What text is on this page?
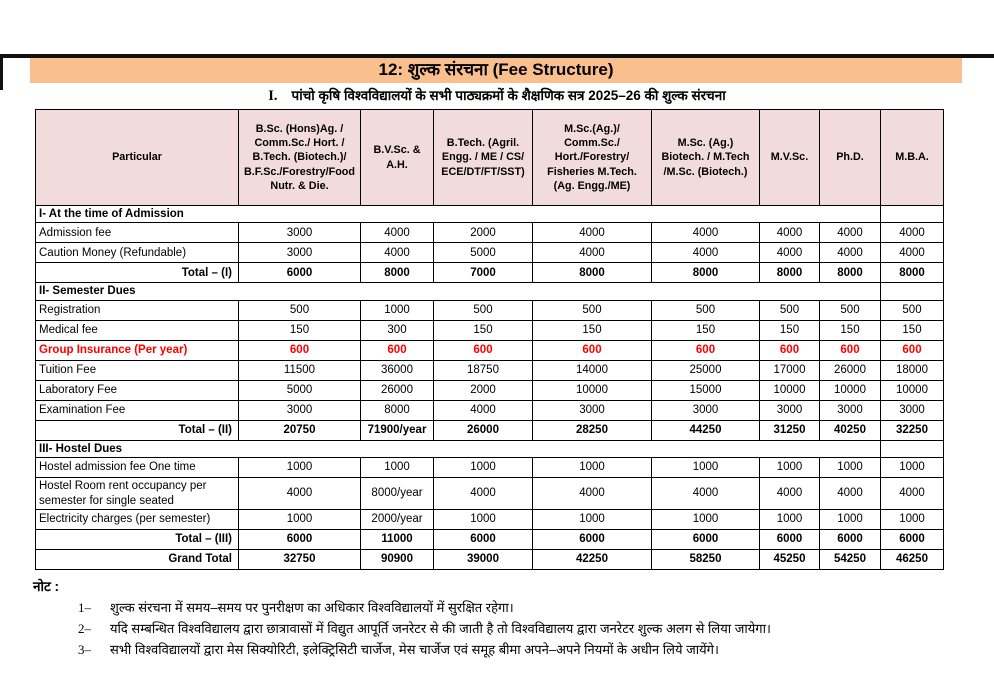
12: शुल्क संरचना (Fee Structure)
I. पांचो कृषि विश्वविद्यालयों के सभी पाठ्यक्रमों के शैक्षणिक सत्र 2025–26 की शुल्क संरचना
Particular	B.Sc. (Hons)Ag. / Comm.Sc./ Hort. / B.Tech. (Biotech.)/ B.F.Sc./Forestry/Food Nutr. & Die.	B.V.Sc. & A.H.	B.Tech. (Agril. Engg. / ME / CS/ ECE/DT/FT/SST)	M.Sc.(Ag.)/ Comm.Sc./ Hort./Forestry/ Fisheries M.Tech. (Ag. Engg./ME)	M.Sc. (Ag.) Biotech. / M.Tech /M.Sc. (Biotech.)	M.V.Sc.	Ph.D.	M.B.A.
I- At the time of Admission								
Admission fee	3000	4000	2000	4000	4000	4000	4000	4000
Caution Money (Refundable)	3000	4000	5000	4000	4000	4000	4000	4000
Total – (I)	6000	8000	7000	8000	8000	8000	8000	8000
II- Semester Dues								
Registration	500	1000	500	500	500	500	500	500
Medical fee	150	300	150	150	150	150	150	150
Group Insurance (Per year)	600	600	600	600	600	600	600	600
Tuition Fee	11500	36000	18750	14000	25000	17000	26000	18000
Laboratory Fee	5000	26000	2000	10000	15000	10000	10000	10000
Examination Fee	3000	8000	4000	3000	3000	3000	3000	3000
Total – (II)	20750	71900/year	26000	28250	44250	31250	40250	32250
III- Hostel Dues								
Hostel admission fee One time	1000	1000	1000	1000	1000	1000	1000	1000
Hostel Room rent occupancy per semester for single seated	4000	8000/year	4000	4000	4000	4000	4000	4000
Electricity charges (per semester)	1000	2000/year	1000	1000	1000	1000	1000	1000
Total – (III)	6000	11000	6000	6000	6000	6000	6000	6000
Grand Total	32750	90900	39000	42250	58250	45250	54250	46250
नोट :
1–	शुल्क संरचना में समय–समय पर पुनरीक्षण का अधिकार विश्वविद्यालयों में सुरक्षित रहेगा।
2–	यदि सम्बन्धित विश्वविद्यालय द्वारा छात्रावासों में विद्युत आपूर्ति जनरेटर से की जाती है तो विश्वविद्यालय द्वारा जनरेटर शुल्क अलग से लिया जायेगा।
3–	सभी विश्वविद्यालयों द्वारा मेस सिक्योरिटी, इलेक्ट्रिसिटी चार्जेज, मेस चार्जेज एवं समूह बीमा अपने–अपने नियमों के अधीन लिये जायेंगे।
